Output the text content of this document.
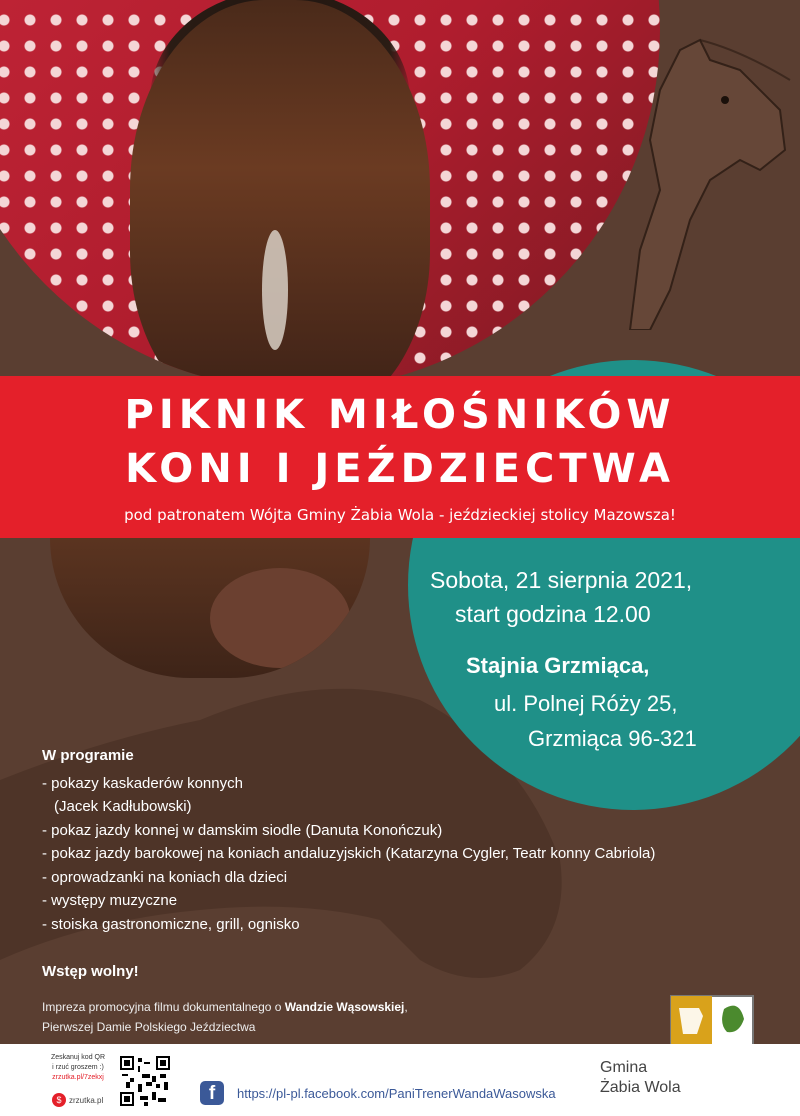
PIKNIK MIŁOŚNIKÓW
KONI I JEŹDZIECTWA
pod patronatem Wójta Gminy Żabia Wola - jeździeckiej stolicy Mazowsza!
Sobota, 21 sierpnia 2021,
start godzina 12.00
Stajnia Grzmiąca,
ul. Polnej Róży 25,
Grzmiąca 96-321
W programie
- pokazy kaskaderów konnych
(Jacek Kadłubowski)
- pokaz jazdy konnej w damskim siodle (Danuta Konończuk)
- pokaz jazdy barokowej na koniach andaluzyjskich (Katarzyna Cygler, Teatr konny Cabriola)
- oprowadzanki na koniach dla dzieci
- występy muzyczne
- stoiska gastronomiczne, grill, ognisko
Wstęp wolny!
Impreza promocyjna filmu dokumentalnego o Wandzie Wąsowskiej,
Pierwszej Damie Polskiego Jeździectwa
Zeskanuj kod QR
i rzuć groszem :)
zrzutka.pl/7zekxj
$ zrzutka.pl	f	https://pl-pl.facebook.com/PaniTrenerWandaWasowska
Gmina
Żabia Wola
